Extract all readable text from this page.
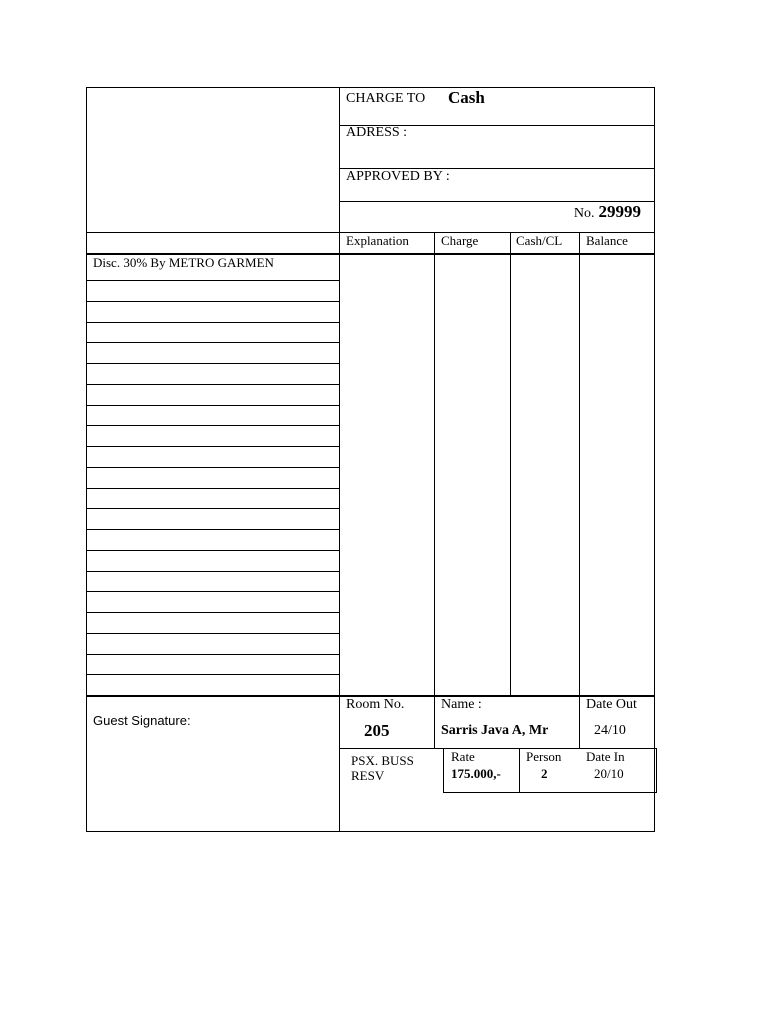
CHARGE TO Cash
ADRESS :
APPROVED BY :
No. 29999
Explanation Charge	Cash/CL Balance
Disc. 30% By METRO GARMEN
Guest Signature:
Room No.
205
Name :
Sarris Java A, Mr
Date Out
24/10
PSX. BUSS
RESV
Rate
175.000,-
Person
2
Date In
20/10
